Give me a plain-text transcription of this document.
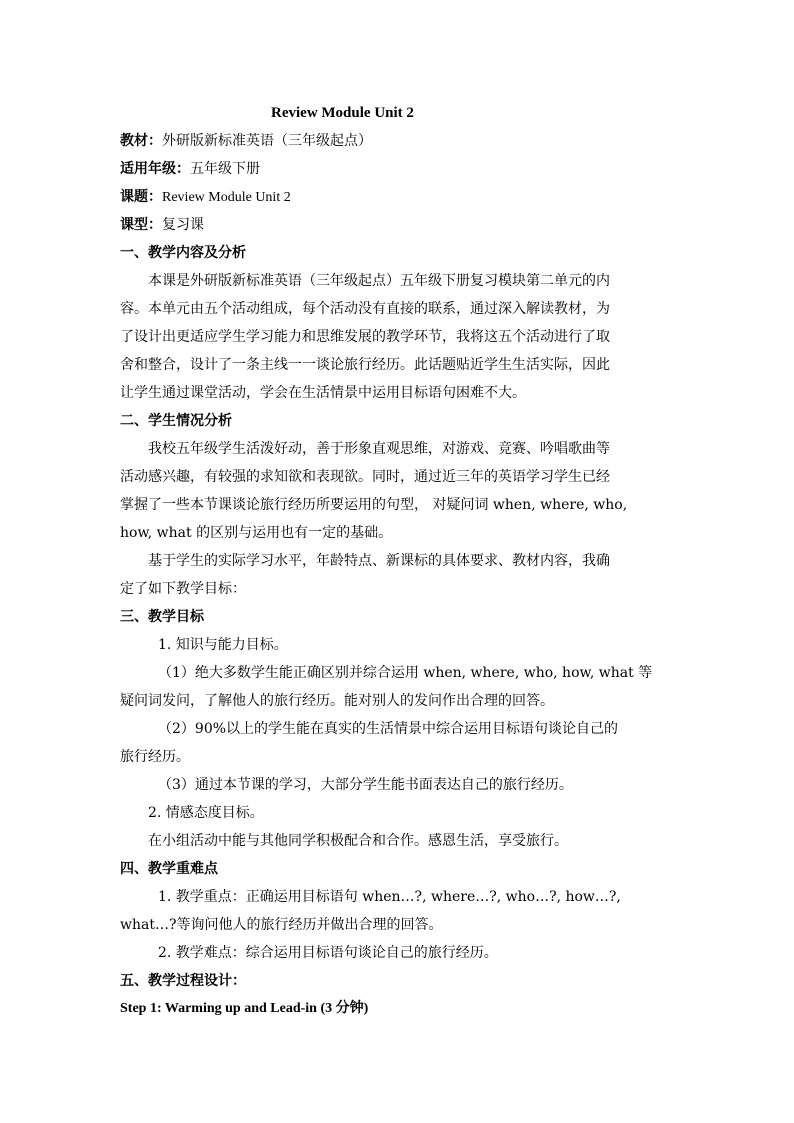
Review Module Unit 2
教材：外研版新标准英语（三年级起点）
适用年级：五年级下册
课题：Review Module Unit 2
课型：复习课
一、教学内容及分析
本课是外研版新标准英语（三年级起点）五年级下册复习模块第二单元的内
容。本单元由五个活动组成，每个活动没有直接的联系，通过深入解读教材，为
了设计出更适应学生学习能力和思维发展的教学环节，我将这五个活动进行了取
舍和整合，设计了一条主线一一谈论旅行经历。此话题贴近学生生活实际，因此
让学生通过课堂活动，学会在生活情景中运用目标语句困难不大。
二、学生情况分析
我校五年级学生活泼好动，善于形象直观思维，对游戏、竞赛、吟唱歌曲等
活动感兴趣，有较强的求知欲和表现欲。同时，通过近三年的英语学习学生已经
掌握了一些本节课谈论旅行经历所要运用的句型， 对疑问词 when, where, who,
how, what 的区别与运用也有一定的基础。
基于学生的实际学习水平，年龄特点、新课标的具体要求、教材内容，我确
定了如下教学目标：
三、教学目标
1. 知识与能力目标。
（1）绝大多数学生能正确区别并综合运用 when, where, who, how, what 等
疑问词发问，了解他人的旅行经历。能对别人的发问作出合理的回答。
（2）90%以上的学生能在真实的生活情景中综合运用目标语句谈论自己的
旅行经历。
（3）通过本节课的学习，大部分学生能书面表达自己的旅行经历。
2. 情感态度目标。
在小组活动中能与其他同学积极配合和合作。感恩生活，享受旅行。
四、教学重难点
1. 教学重点：正确运用目标语句 when…?, where…?, who…?, how…?,
what…?等询问他人的旅行经历并做出合理的回答。
2. 教学难点：综合运用目标语句谈论自己的旅行经历。
五、教学过程设计：
Step 1: Warming up and Lead-in (3 分钟)
